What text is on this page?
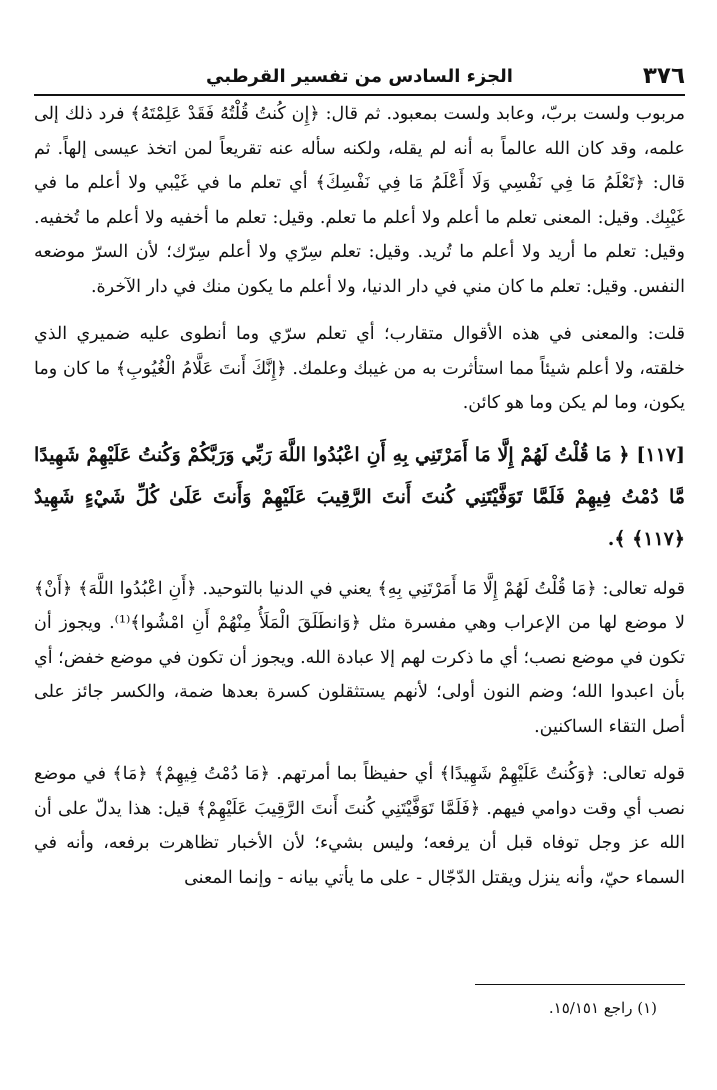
٣٧٦
الجزء السادس من تفسير القرطبي

مربوب ولست بربّ، وعابد ولست بمعبود. ثم قال: ﴿إِن كُنتُ قُلْتُهُ فَقَدْ عَلِمْتَهُ﴾ فرد ذلك إلى علمه، وقد كان الله عالماً به أنه لم يقله، ولكنه سأله عنه تقريعاً لمن اتخذ عيسى إلهاً. ثم قال: ﴿تَعْلَمُ مَا فِي نَفْسِي وَلَا أَعْلَمُ مَا فِي نَفْسِكَ﴾ أي تعلم ما في غَيْبي ولا أعلم ما في غَيْبِك. وقيل: المعنى تعلم ما أعلم ولا أعلم ما تعلم. وقيل: تعلم ما أخفيه ولا أعلم ما تُخفيه. وقيل: تعلم ما أريد ولا أعلم ما تُريد. وقيل: تعلم سِرّي ولا أعلم سِرّك؛ لأن السرّ موضعه النفس. وقيل: تعلم ما كان مني في دار الدنيا، ولا أعلم ما يكون منك في دار الآخرة.

قلت: والمعنى في هذه الأقوال متقارب؛ أي تعلم سرّي وما أنطوى عليه ضميري الذي خلقته، ولا أعلم شيئاً مما استأثرت به من غيبك وعلمك. ﴿إِنَّكَ أَنتَ عَلَّامُ الْغُيُوبِ﴾ ما كان وما يكون، وما لم يكن وما هو كائن.

[١١٧] ﴿ مَا قُلْتُ لَهُمْ إِلَّا مَا أَمَرْتَنِي بِهِ أَنِ اعْبُدُوا اللَّهَ رَبِّي وَرَبَّكُمْ وَكُنتُ عَلَيْهِمْ شَهِيدًا مَّا دُمْتُ فِيهِمْ فَلَمَّا تَوَفَّيْتَنِي كُنتَ أَنتَ الرَّقِيبَ عَلَيْهِمْ وَأَنتَ عَلَىٰ كُلِّ شَيْءٍ شَهِيدٌ ﴿١١٧﴾ ﴾.

قوله تعالى: ﴿مَا قُلْتُ لَهُمْ إِلَّا مَا أَمَرْتَنِي بِهِ﴾ يعني في الدنيا بالتوحيد. ﴿أَنِ اعْبُدُوا اللَّهَ﴾ ﴿أَنْ﴾ لا موضع لها من الإعراب وهي مفسرة مثل ﴿وَانطَلَقَ الْمَلَأُ مِنْهُمْ أَنِ امْشُوا﴾⁽¹⁾. ويجوز أن تكون في موضع نصب؛ أي ما ذكرت لهم إلا عبادة الله. ويجوز أن تكون في موضع خفض؛ أي بأن اعبدوا الله؛ وضم النون أولى؛ لأنهم يستثقلون كسرة بعدها ضمة، والكسر جائز على أصل التقاء الساكنين.

قوله تعالى: ﴿وَكُنتُ عَلَيْهِمْ شَهِيدًا﴾ أي حفيظاً بما أمرتهم. ﴿مَا دُمْتُ فِيهِمْ﴾ ﴿مَا﴾ في موضع نصب أي وقت دوامي فيهم. ﴿فَلَمَّا تَوَفَّيْتَنِي كُنتَ أَنتَ الرَّقِيبَ عَلَيْهِمْ﴾ قيل: هذا يدلّ على أن الله عز وجل توفاه قبل أن يرفعه؛ وليس بشيء؛ لأن الأخبار تظاهرت برفعه، وأنه في السماء حيّ، وأنه ينزل ويقتل الدّجّال - على ما يأتي بيانه - وإنما المعنى

(١) راجع ١٥/١٥١.
